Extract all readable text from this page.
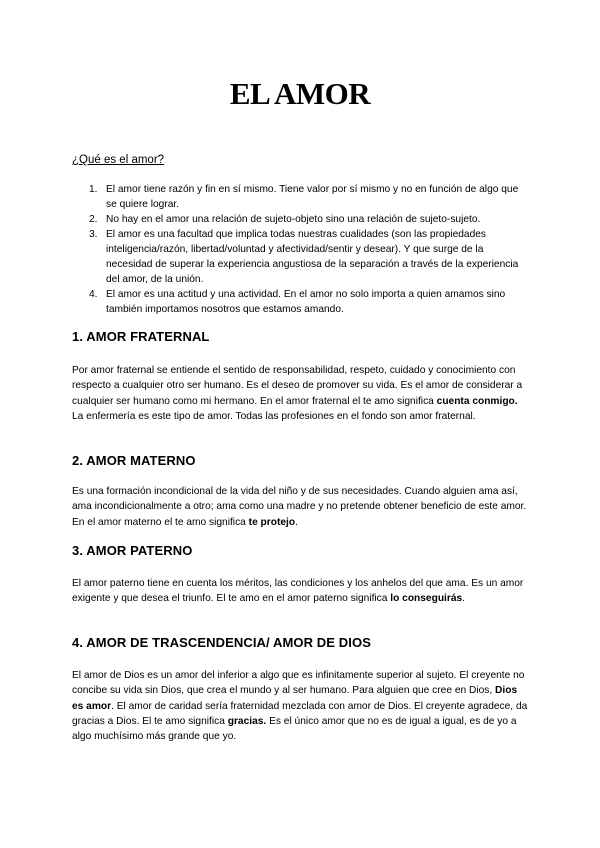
EL AMOR

¿Qué es el amor?

1. El amor tiene razón y fin en sí mismo. Tiene valor por sí mismo y no en función de algo que se quiere lograr.
2. No hay en el amor una relación de sujeto-objeto sino una relación de sujeto-sujeto.
3. El amor es una facultad que implica todas nuestras cualidades (son las propiedades inteligencia/razón, libertad/voluntad y afectividad/sentir y desear). Y que surge de la necesidad de superar la experiencia angustiosa de la separación a través de la experiencia del amor, de la unión.
4. El amor es una actitud y una actividad. En el amor no solo importa a quien amamos sino también importamos nosotros que estamos amando.
1. AMOR FRATERNAL

Por amor fraternal se entiende el sentido de responsabilidad, respeto, cuidado y conocimiento con respecto a cualquier otro ser humano. Es el deseo de promover su vida. Es el amor de considerar a cualquier ser humano como mi hermano. En el amor fraternal el te amo significa cuenta conmigo. La enfermería es este tipo de amor. Todas las profesiones en el fondo son amor fraternal.

2. AMOR MATERNO

Es una formación incondicional de la vida del niño y de sus necesidades. Cuando alguien ama así, ama incondicionalmente a otro; ama como una madre y no pretende obtener beneficio de este amor. En el amor materno el te amo significa te protejo.

3. AMOR PATERNO

El amor paterno tiene en cuenta los méritos, las condiciones y los anhelos del que ama. Es un amor exigente y que desea el triunfo. El te amo en el amor paterno significa lo conseguirás.

4. AMOR DE TRASCENDENCIA/ AMOR DE DIOS

El amor de Dios es un amor del inferior a algo que es infinitamente superior al sujeto. El creyente no concibe su vida sin Dios, que crea el mundo y al ser humano. Para alguien que cree en Dios, Dios es amor. El amor de caridad sería fraternidad mezclada con amor de Dios. El creyente agradece, da gracias a Dios. El te amo significa gracias. Es el único amor que no es de igual a igual, es de yo a algo muchísimo más grande que yo.
